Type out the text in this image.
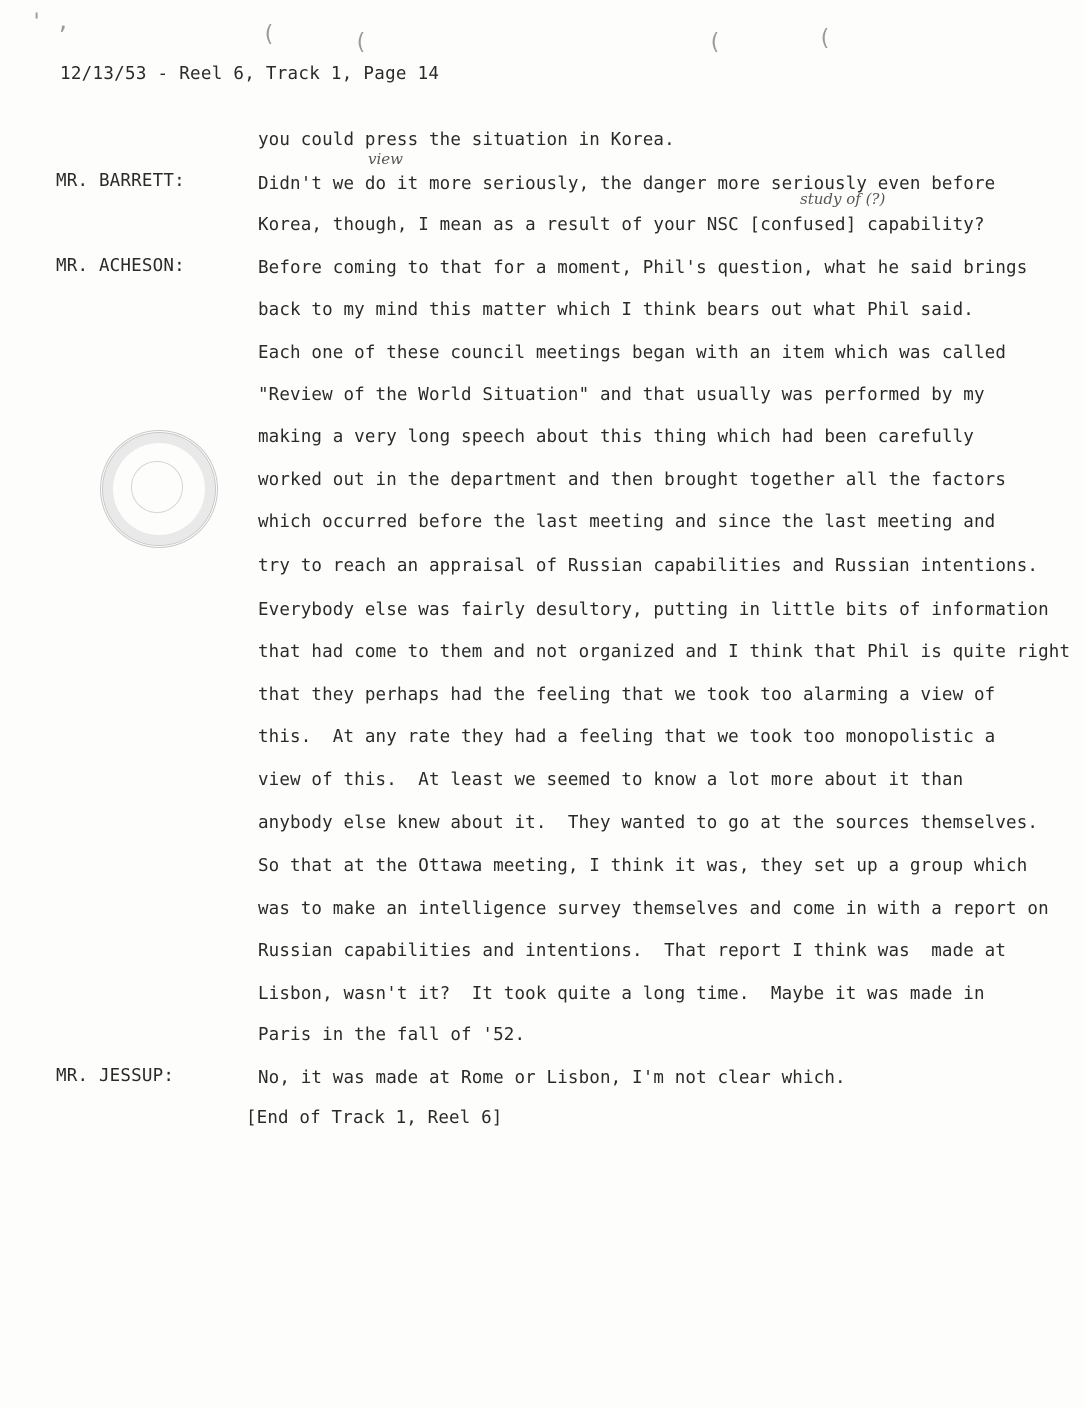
' ,	(	(	(	(
12/13/53 - Reel 6, Track 1, Page 14
MR. BARRETT:
MR. ACHESON:
MR. JESSUP:
view
study of (?)
you could press the situation in Korea.
Didn't we do it more seriously, the danger more seriously even before
Korea, though, I mean as a result of your NSC [confused] capability?
Before coming to that for a moment, Phil's question, what he said brings
back to my mind this matter which I think bears out what Phil said.
Each one of these council meetings began with an item which was called
"Review of the World Situation" and that usually was performed by my
making a very long speech about this thing which had been carefully
worked out in the department and then brought together all the factors
which occurred before the last meeting and since the last meeting and
try to reach an appraisal of Russian capabilities and Russian intentions.
Everybody else was fairly desultory, putting in little bits of information
that had come to them and not organized and I think that Phil is quite right
that they perhaps had the feeling that we took too alarming a view of
this.  At any rate they had a feeling that we took too monopolistic a
view of this.  At least we seemed to know a lot more about it than
anybody else knew about it.  They wanted to go at the sources themselves.
So that at the Ottawa meeting, I think it was, they set up a group which
was to make an intelligence survey themselves and come in with a report on
Russian capabilities and intentions.  That report I think was  made at
Lisbon, wasn't it?  It took quite a long time.  Maybe it was made in
Paris in the fall of '52.
No, it was made at Rome or Lisbon, I'm not clear which.
[End of Track 1, Reel 6]
